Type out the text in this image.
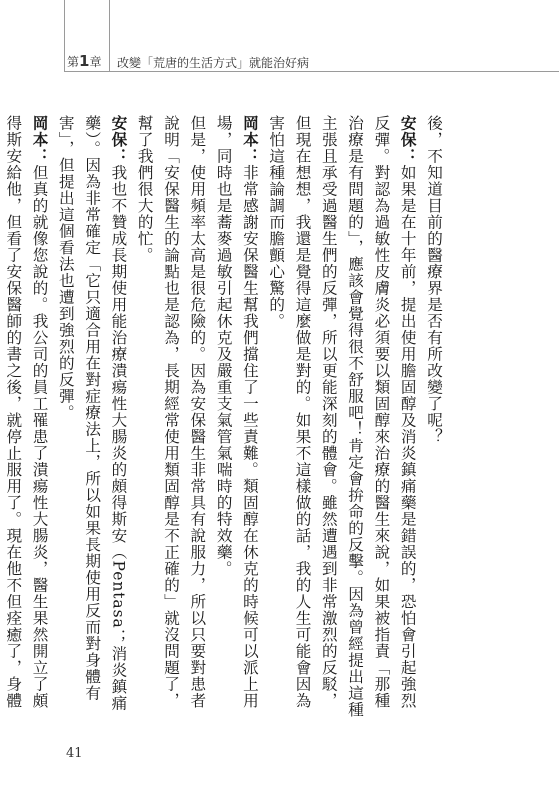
第1章 改變「荒唐的生活方式」就能治好病

後，不知道目前的醫療界是否有所改變了呢？

安保：如果是在十年前，提出使用膽固醇及消炎鎮痛藥是錯誤的，恐怕會引起強烈反彈。對認為過敏性皮膚炎必須要以類固醇來治療的醫生來說，如果被指責「那種治療是有問題的」，應該會覺得很不舒服吧！肯定會拚命的反擊。因為曾經提出這種主張且承受過醫生們的反彈，所以更能深刻的體會。雖然遭遇到非常激烈的反駁，但現在想想，我還是覺得這麼做是對的。如果不這樣做的話，我的人生可能會因為害怕這種論調而膽顫心驚的。

岡本：非常感謝安保醫生幫我們擋住了一些責難。類固醇在休克的時候可以派上用場，同時也是蕎麥過敏引起休克及嚴重支氣管氣喘時的特效藥。

但是，使用頻率太高是很危險的。因為安保醫生非常具有說服力，所以只要對患者說明「安保醫生的論點也是認為，長期經常使用類固醇是不正確的」就沒問題了，幫了我們很大的忙。

安保：我也不贊成長期使用能治療潰瘍性大腸炎的頗得斯安（Pentasa；消炎鎮痛藥）。因為非常確定「它只適合用在對症療法上，所以如果長期使用反而對身體有害」，但提出這個看法也遭到強烈的反彈。

岡本：但真的就像您說的。我公司的員工罹患了潰瘍性大腸炎，醫生果然開立了頗得斯安給他，但看了安保醫師的書之後，就停止服用了。現在他不但痊癒了，身體

41
